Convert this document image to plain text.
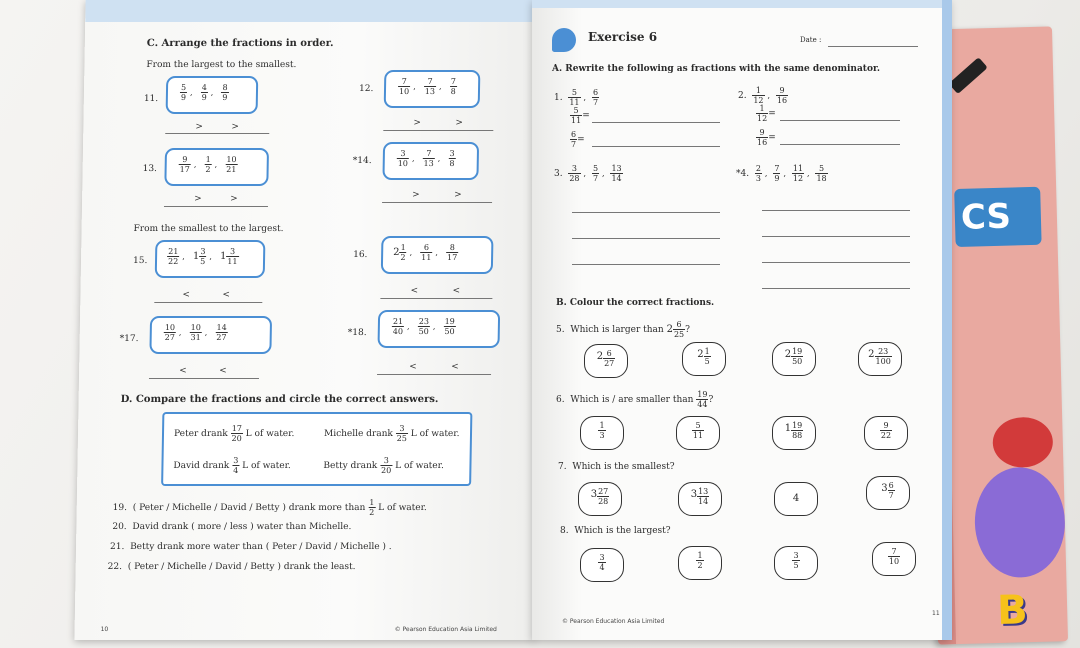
CS
B
C. Arrange the fractions in order.
From the largest to the smallest.
11.	$\frac{5}{9}$ , $\frac{4}{9}$ , $\frac{8}{9}$
>	>
12.	$\frac{7}{10}$ , $\frac{7}{13}$ , $\frac{7}{8}$
>	>
13.	$\frac{9}{17}$ , $\frac{1}{2}$ , $\frac{10}{21}$
>	>
*14.	$\frac{3}{10}$ , $\frac{7}{13}$ , $\frac{3}{8}$
>	>
From the smallest to the largest.
15. $\frac{21}{22}$ , $1 \frac{3}{5}$ , $1 \frac{3}{11}$
<	<
16.	$2 \frac{1}{2}$ , $\frac{6}{11}$ , $\frac{8}{17}$
<	<
*17.	$\frac{10}{27}$ , $\frac{10}{31}$ , $\frac{14}{27}$
<	<
*18.	$\frac{21}{40}$ , $\frac{23}{50}$ , $\frac{19}{50}$
<	<
D. Compare the fractions and circle the correct answers.
Peter drank $\frac{17}{20}$ L of water.	Michelle drank $\frac{3}{25}$ L of water.
David drank $\frac{3}{4}$ L of water.	Betty drank $\frac{3}{20}$ L of water.
19. ( Peter / Michelle / David / Betty ) drank more than $\frac{1}{2}$ L of water.
20. David drank ( more / less ) water than Michelle.
21. Betty drank more water than ( Peter / David / Michelle ) .
22. ( Peter / Michelle / David / Betty ) drank the least.
10	© Pearson Education Asia Limited
Exercise 6	Date :
A. Rewrite the following as fractions with the same denominator.
1. $\frac{5}{11}$ , $\frac{6}{7}$
$\frac{5}{11}$ =
$\frac{6}{7}$ =
2. $\frac{1}{12}$ , $\frac{9}{16}$
$\frac{1}{12}$ =
$\frac{9}{16}$ =
3. $\frac{3}{28}$ , $\frac{5}{7}$ , $\frac{13}{14}$	*4. $\frac{2}{3}$ , $\frac{7}{9}$ , $\frac{11}{12}$ , $\frac{5}{18}$
B. Colour the correct fractions.
5. Which is larger than $2 \frac{6}{25}$ ?
$2 \frac{6}{27}$	$2 \frac{1}{5}$	$2 \frac{19}{50}$	$2 \frac{23}{100}$
6. Which is / are smaller than $\frac{19}{44}$ ?
$\frac{1}{3}$	$\frac{5}{11}$	$1 \frac{19}{88}$	$\frac{9}{22}$
7. Which is the smallest?
$3 \frac{27}{28}$	$3 \frac{13}{14}$	4
$3 \frac{6}{7}$
8. Which is the largest?
$\frac{3}{4}$	$\frac{1}{2}$	$\frac{3}{5}$	$\frac{7}{10}$
© Pearson Education Asia Limited
11
